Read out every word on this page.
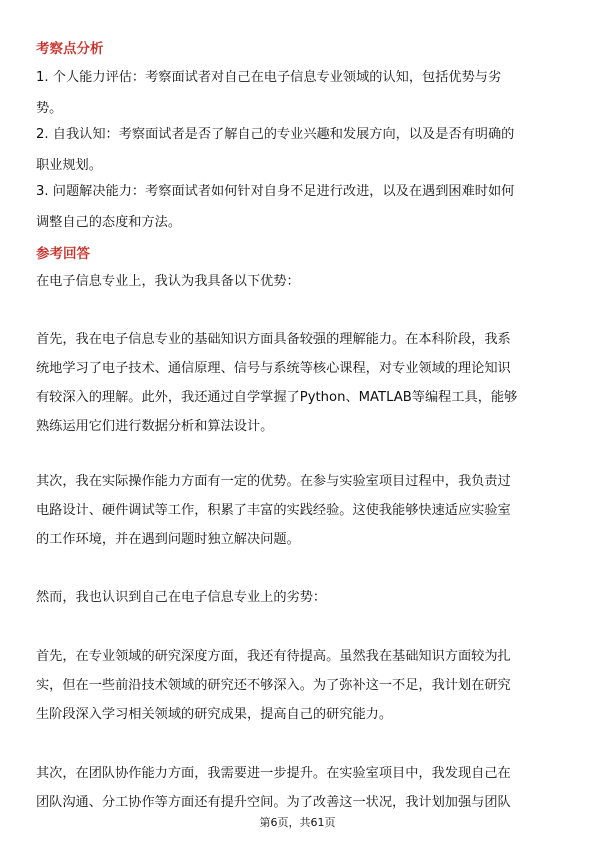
考察点分析
1. 个人能力评估：考察面试者对自己在电子信息专业领域的认知，包括优势与劣
势。
2. 自我认知：考察面试者是否了解自己的专业兴趣和发展方向，以及是否有明确的
职业规划。
3. 问题解决能力：考察面试者如何针对自身不足进行改进，以及在遇到困难时如何
调整自己的态度和方法。
参考回答
在电子信息专业上，我认为我具备以下优势：
首先，我在电子信息专业的基础知识方面具备较强的理解能力。在本科阶段，我系
统地学习了电子技术、通信原理、信号与系统等核心课程，对专业领域的理论知识
有较深入的理解。此外，我还通过自学掌握了Python、MATLAB等编程工具，能够
熟练运用它们进行数据分析和算法设计。
其次，我在实际操作能力方面有一定的优势。在参与实验室项目过程中，我负责过
电路设计、硬件调试等工作，积累了丰富的实践经验。这使我能够快速适应实验室
的工作环境，并在遇到问题时独立解决问题。
然而，我也认识到自己在电子信息专业上的劣势：
首先，在专业领域的研究深度方面，我还有待提高。虽然我在基础知识方面较为扎
实，但在一些前沿技术领域的研究还不够深入。为了弥补这一不足，我计划在研究
生阶段深入学习相关领域的研究成果，提高自己的研究能力。
其次，在团队协作能力方面，我需要进一步提升。在实验室项目中，我发现自己在
团队沟通、分工协作等方面还有提升空间。为了改善这一状况，我计划加强与团队
第6页，共61页
